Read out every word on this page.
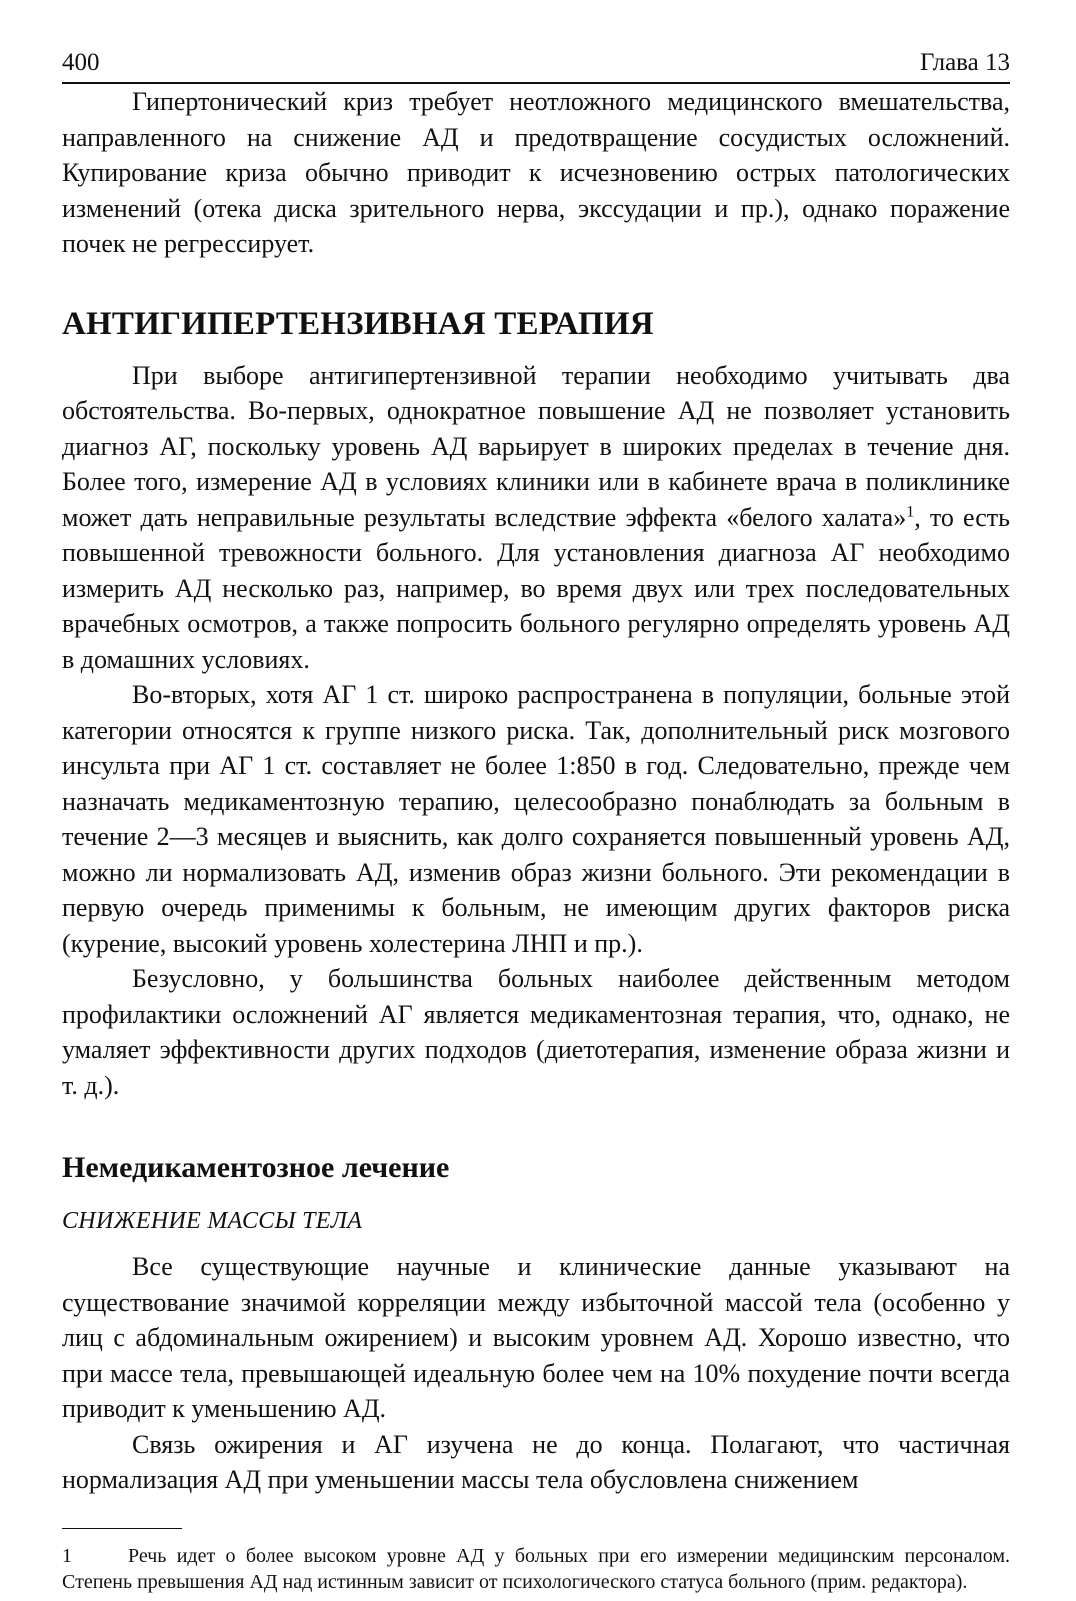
400	Глава 13

Гипертонический криз требует неотложного медицинского вмешательства, направленного на снижение АД и предотвращение сосудистых осложнений. Купирование криза обычно приводит к исчезновению острых патологических изменений (отека диска зрительного нерва, экссудации и пр.), однако поражение почек не регрессирует.

АНТИГИПЕРТЕНЗИВНАЯ ТЕРАПИЯ

При выборе антигипертензивной терапии необходимо учитывать два обстоятельства. Во-первых, однократное повышение АД не позволяет установить диагноз АГ, поскольку уровень АД варьирует в широких пределах в течение дня. Более того, измерение АД в условиях клиники или в кабинете врача в поликлинике может дать неправильные результаты вследствие эффекта «белого халата»$^1$, то есть повышенной тревожности больного. Для установления диагноза АГ необходимо измерить АД несколько раз, например, во время двух или трех последовательных врачебных осмотров, а также попросить больного регулярно определять уровень АД в домашних условиях.

Во-вторых, хотя АГ 1 ст. широко распространена в популяции, больные этой категории относятся к группе низкого риска. Так, дополнительный риск мозгового инсульта при АГ 1 ст. составляет не более 1:850 в год. Следовательно, прежде чем назначать медикаментозную терапию, целесообразно понаблюдать за больным в течение 2—3 месяцев и выяснить, как долго сохраняется повышенный уровень АД, можно ли нормализовать АД, изменив образ жизни больного. Эти рекомендации в первую очередь применимы к больным, не имеющим других факторов риска (курение, высокий уровень холестерина ЛНП и пр.).

Безусловно, у большинства больных наиболее действенным методом профилактики осложнений АГ является медикаментозная терапия, что, однако, не умаляет эффективности других подходов (диетотерапия, изменение образа жизни и т. д.).

Немедикаментозное лечение
СНИЖЕНИЕ МАССЫ ТЕЛА

Все существующие научные и клинические данные указывают на существование значимой корреляции между избыточной массой тела (особенно у лиц с абдоминальным ожирением) и высоким уровнем АД. Хорошо известно, что при массе тела, превышающей идеальную более чем на 10% похудение почти всегда приводит к уменьшению АД.

Связь ожирения и АГ изучена не до конца. Полагают, что частичная нормализация АД при уменьшении массы тела обусловлена снижением

1	Речь идет о более высоком уровне АД у больных при его измерении медицинским персоналом. Степень превышения АД над истинным зависит от психологического статуса больного (прим. редактора).
